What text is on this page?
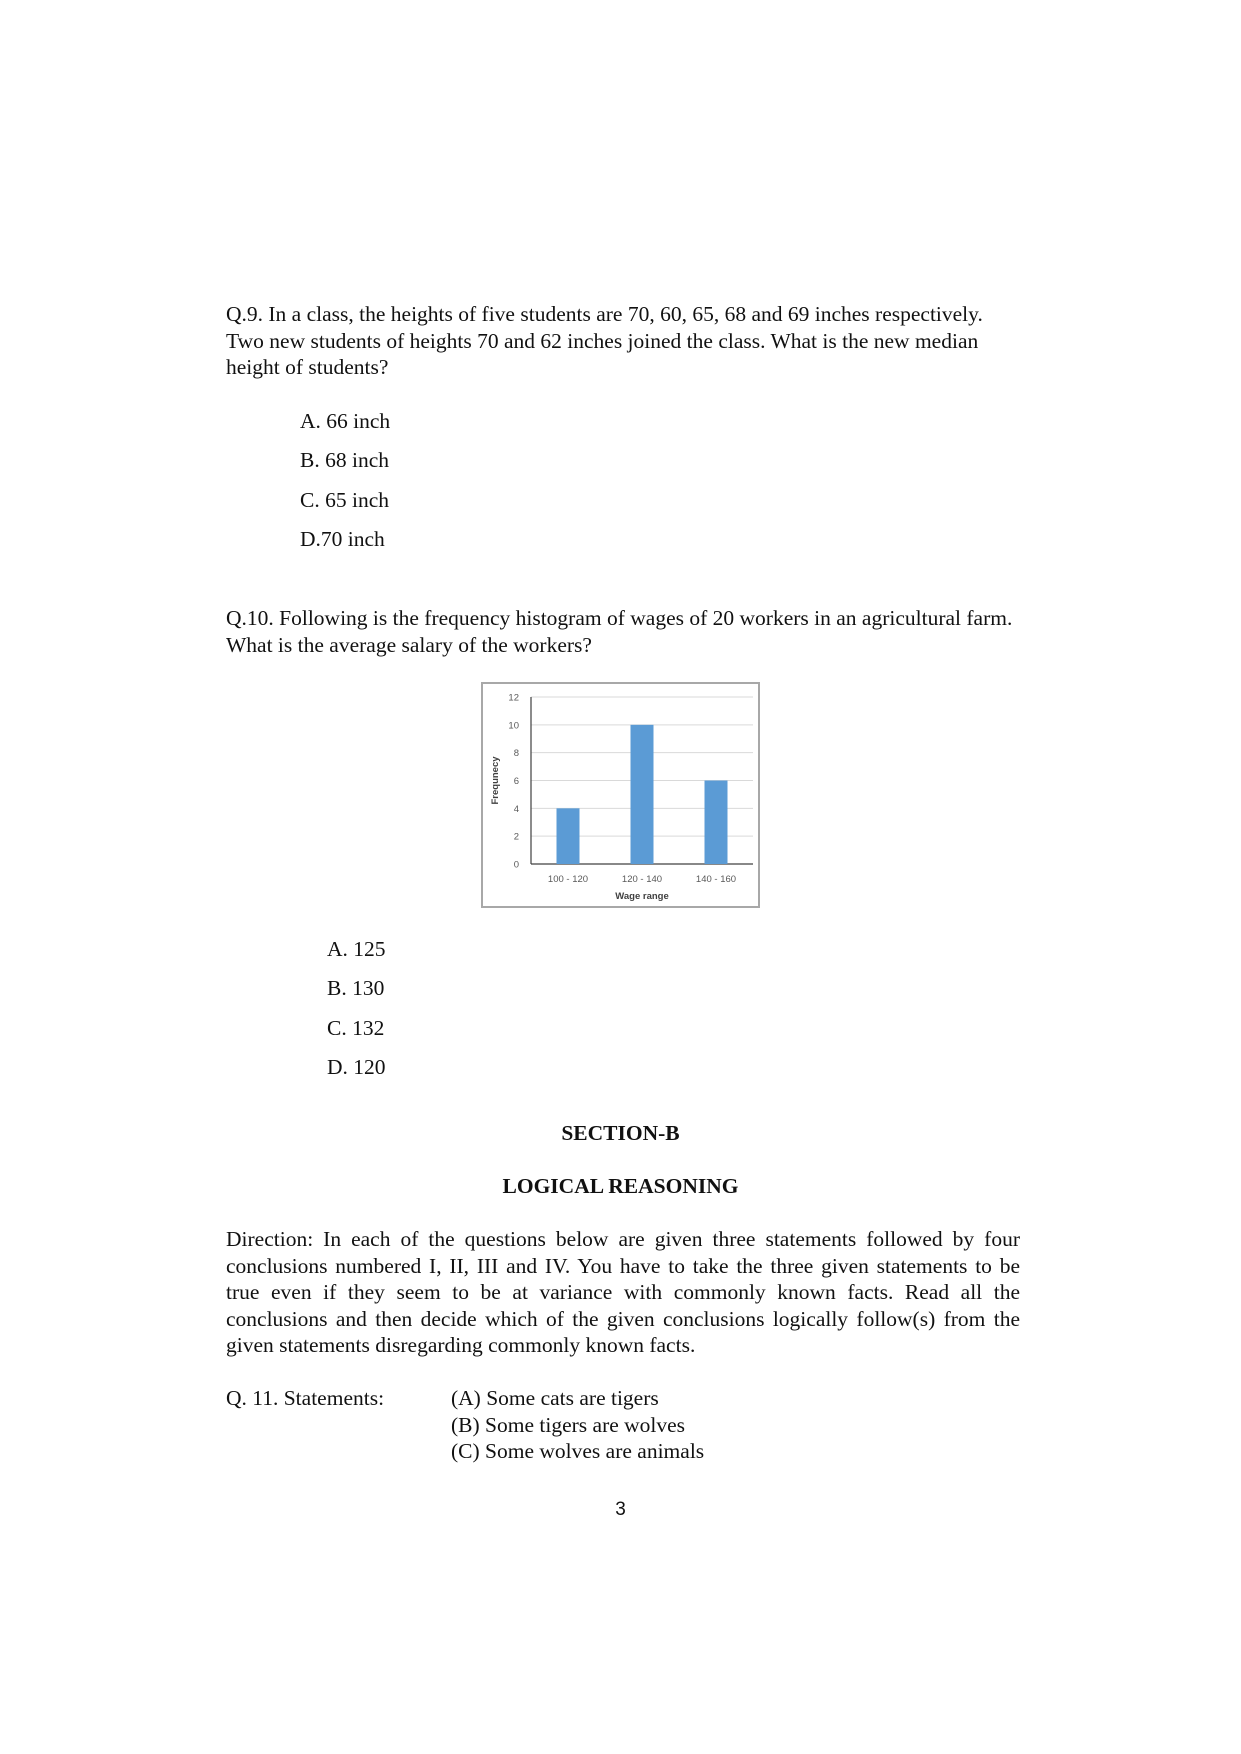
Q.9. In a class, the heights of five students are 70, 60, 65, 68 and 69 inches respectively. Two new students of heights 70 and 62 inches joined the class. What is the new median height of students?
A. 66 inch
B. 68 inch
C. 65 inch
D.70 inch
Q.10. Following is the frequency histogram of wages of 20 workers in an agricultural farm. What is the average salary of the workers?
0
2
4
6
8
10
12
100 - 120	120 - 140	140 - 160
Wage range
Frequnecy
A. 125
B. 130
C. 132
D. 120
SECTION-B
LOGICAL REASONING
Direction: In each of the questions below are given three statements followed by four conclusions numbered I, II, III and IV. You have to take the three given statements to be true even if they seem to be at variance with commonly known facts. Read all the conclusions and then decide which of the given conclusions logically follow(s) from the given statements disregarding commonly known facts.
Q. 11. Statements:	(A) Some cats are tigers
(B) Some tigers are wolves
(C) Some wolves are animals
3
